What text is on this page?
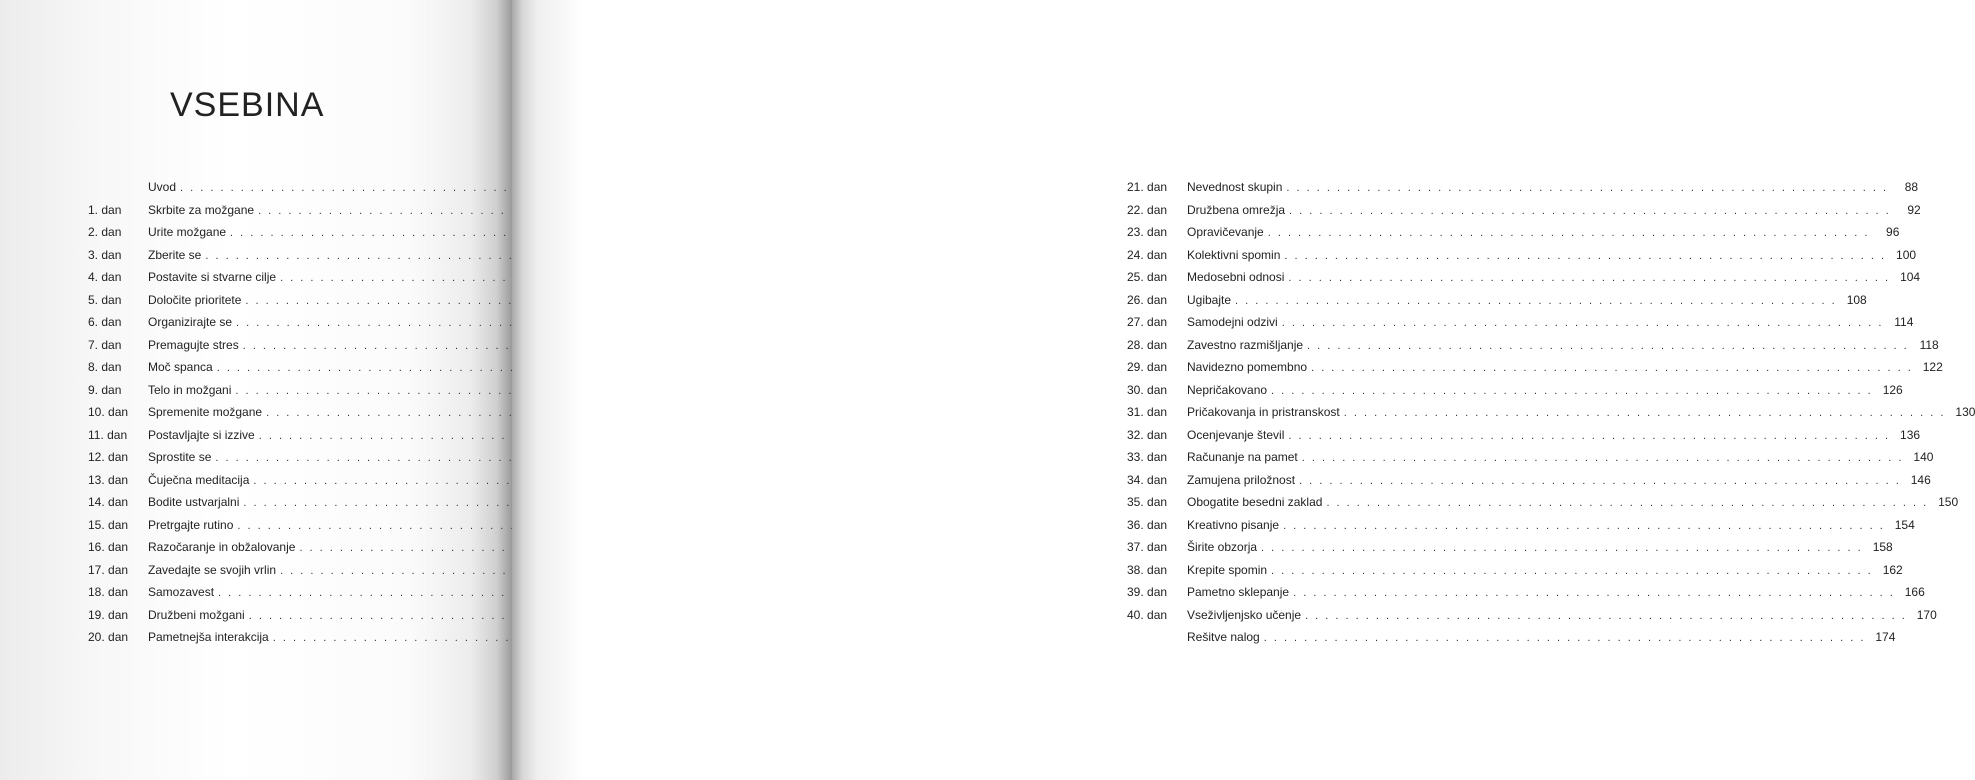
VSEBINA
Uvod
. . .
1. dan	Skrbite za možgane
. . .
2. dan	Urite možgane
. . .
3. dan	Zberite se
. . .
4. dan	Postavite si stvarne cilje
. . .
5. dan	Določite prioritete
. . .
6. dan	Organizirajte se
. . .
7. dan	Premagujte stres
. . .
8. dan	Moč spanca
. . .
9. dan	Telo in možgani
. . .
10. dan	Spremenite možgane
. . .
11. dan	Postavljajte si izzive
. . .
12. dan	Sprostite se
. . .
13. dan	Čuječna meditacija
. . .
14. dan	Bodite ustvarjalni
. . .
15. dan	Pretrgajte rutino
. . .
16. dan	Razočaranje in obžalovanje
. . .
17. dan	Zavedajte se svojih vrlin
. . .
18. dan	Samozavest
. . .
19. dan	Družbeni možgani
. . .
20. dan	Pametnejša interakcija
. . .
21. dan	Nevednost skupin . . .	88
22. dan	Družbena omrežja . . .	92
23. dan	Opravičevanje . . .	96
24. dan	Kolektivni spomin . . .	100
25. dan	Medosebni odnosi . . .	104
26. dan	Ugibajte . . .	108
27. dan	Samodejni odzivi . . .	114
28. dan	Zavestno razmišljanje . . .	118
29. dan	Navidezno pomembno . . .	122
30. dan	Nepričakovano . . .	126
31. dan	Pričakovanja in pristranskost . . .	130
32. dan	Ocenjevanje števil . . .	136
33. dan	Računanje na pamet . . .	140
34. dan	Zamujena priložnost . . .	146
35. dan	Obogatite besedni zaklad . . .	150
36. dan	Kreativno pisanje . . .	154
37. dan	Širite obzorja . . .	158
38. dan	Krepite spomin . . .	162
39. dan	Pametno sklepanje . . .	166
40. dan	Vseživljenjsko učenje . . .	170
Rešitve nalog . . .	174
